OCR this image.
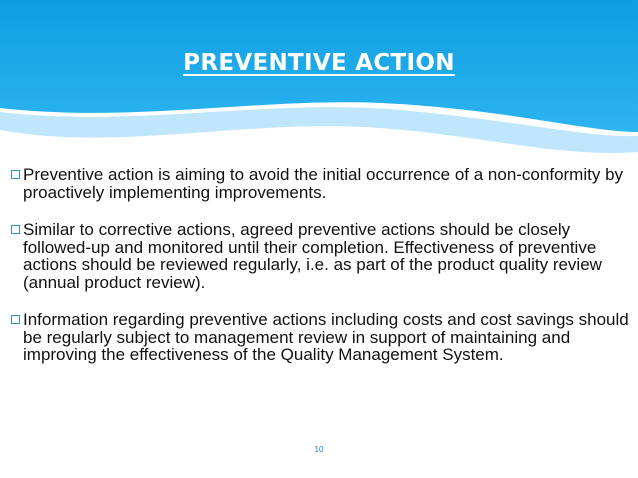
PREVENTIVE ACTION
Preventive action is aiming to avoid the initial occurrence of a non-conformity by proactively implementing improvements.
Similar to corrective actions, agreed preventive actions should be closely followed-up and monitored until their completion. Effectiveness of preventive actions should be reviewed regularly, i.e. as part of the product quality review (annual product review).
Information regarding preventive actions including costs and cost savings should be regularly subject to management review in support of maintaining and improving the effectiveness of the Quality Management System.
10
